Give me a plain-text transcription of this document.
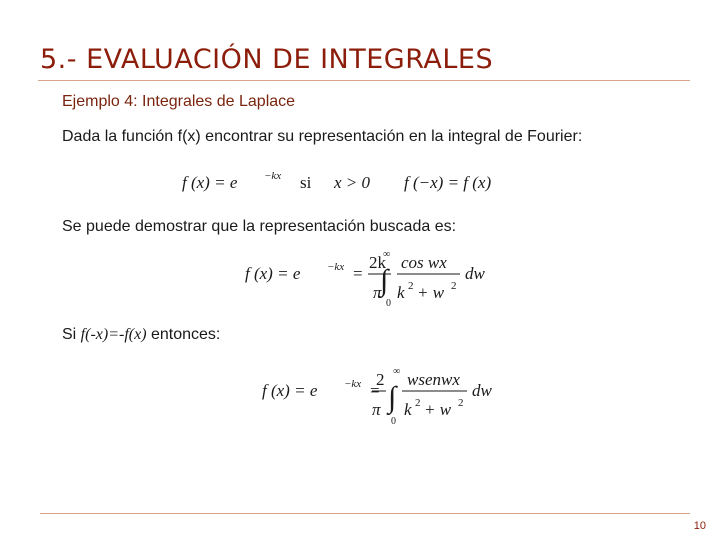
5.- EVALUACIÓN DE INTEGRALES
Ejemplo 4: Integrales de Laplace
Dada la función f(x) encontrar su representación en la integral de Fourier:
f (x) = e −kx si x > 0 f (−x) = f (x)
Se puede demostrar que la representación buscada es:
f (x) = e −kx =
2k
π
∞
∫
0
cos wx
k 2 + w 2
dw
Si f(-x)=-f(x) entonces:
f (x) = e −kx =
2
π
∞
∫
0
wsenwx
k 2 + w 2
dw
10
